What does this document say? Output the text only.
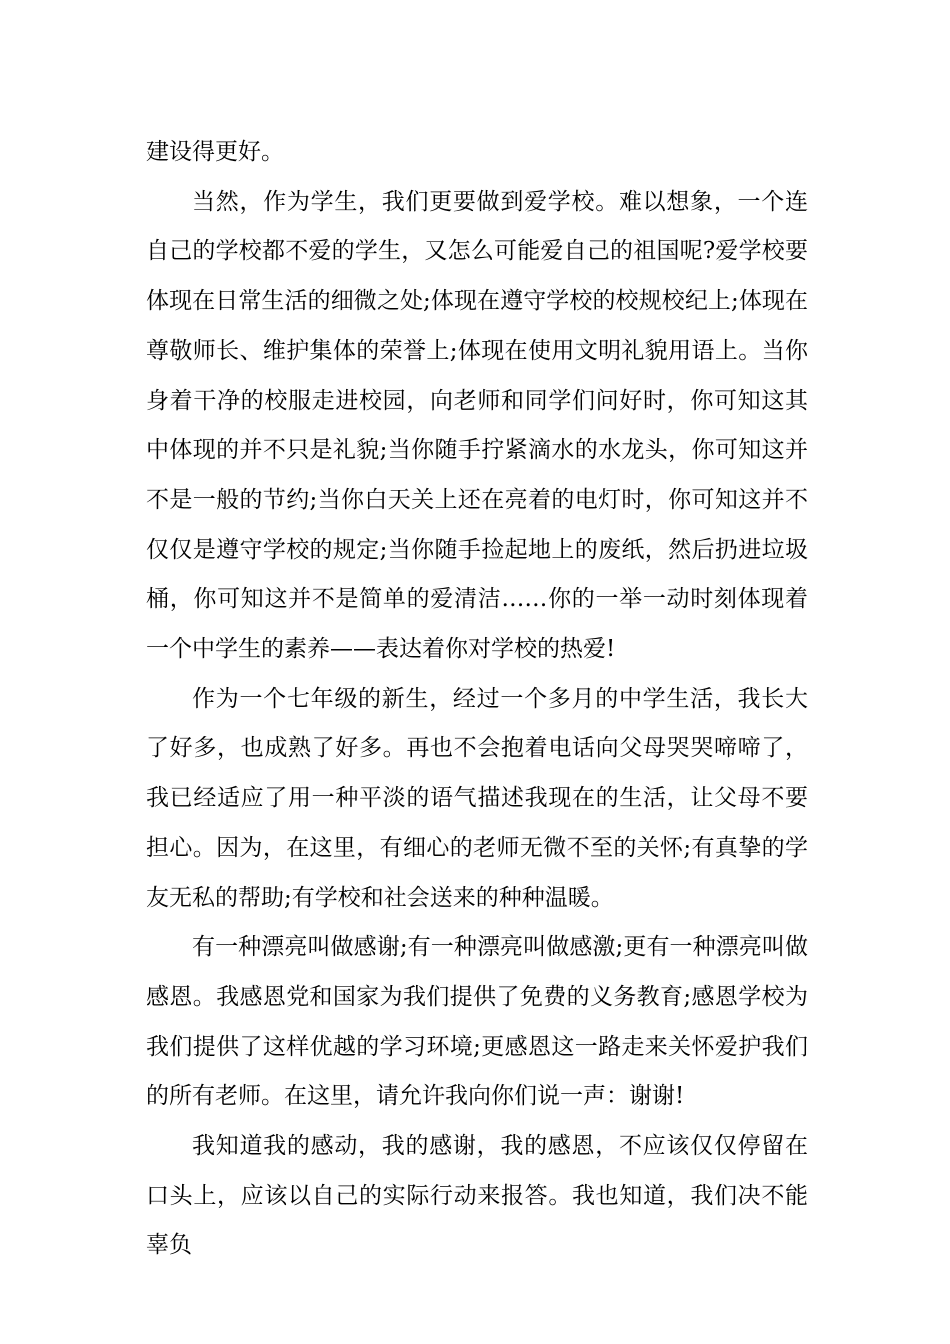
建设得更好。

当然，作为学生，我们更要做到爱学校。难以想象，一个连自己的学校都不爱的学生，又怎么可能爱自己的祖国呢?爱学校要体现在日常生活的细微之处;体现在遵守学校的校规校纪上;体现在尊敬师长、维护集体的荣誉上;体现在使用文明礼貌用语上。当你身着干净的校服走进校园，向老师和同学们问好时，你可知这其中体现的并不只是礼貌;当你随手拧紧滴水的水龙头，你可知这并不是一般的节约;当你白天关上还在亮着的电灯时，你可知这并不仅仅是遵守学校的规定;当你随手捡起地上的废纸，然后扔进垃圾桶，你可知这并不是简单的爱清洁……你的一举一动时刻体现着一个中学生的素养——表达着你对学校的热爱!

作为一个七年级的新生，经过一个多月的中学生活，我长大了好多，也成熟了好多。再也不会抱着电话向父母哭哭啼啼了，我已经适应了用一种平淡的语气描述我现在的生活，让父母不要担心。因为，在这里，有细心的老师无微不至的关怀;有真挚的学友无私的帮助;有学校和社会送来的种种温暖。

有一种漂亮叫做感谢;有一种漂亮叫做感激;更有一种漂亮叫做感恩。我感恩党和国家为我们提供了免费的义务教育;感恩学校为我们提供了这样优越的学习环境;更感恩这一路走来关怀爱护我们的所有老师。在这里，请允许我向你们说一声：谢谢!

我知道我的感动，我的感谢，我的感恩，不应该仅仅停留在口头上，应该以自己的实际行动来报答。我也知道，我们决不能辜负
